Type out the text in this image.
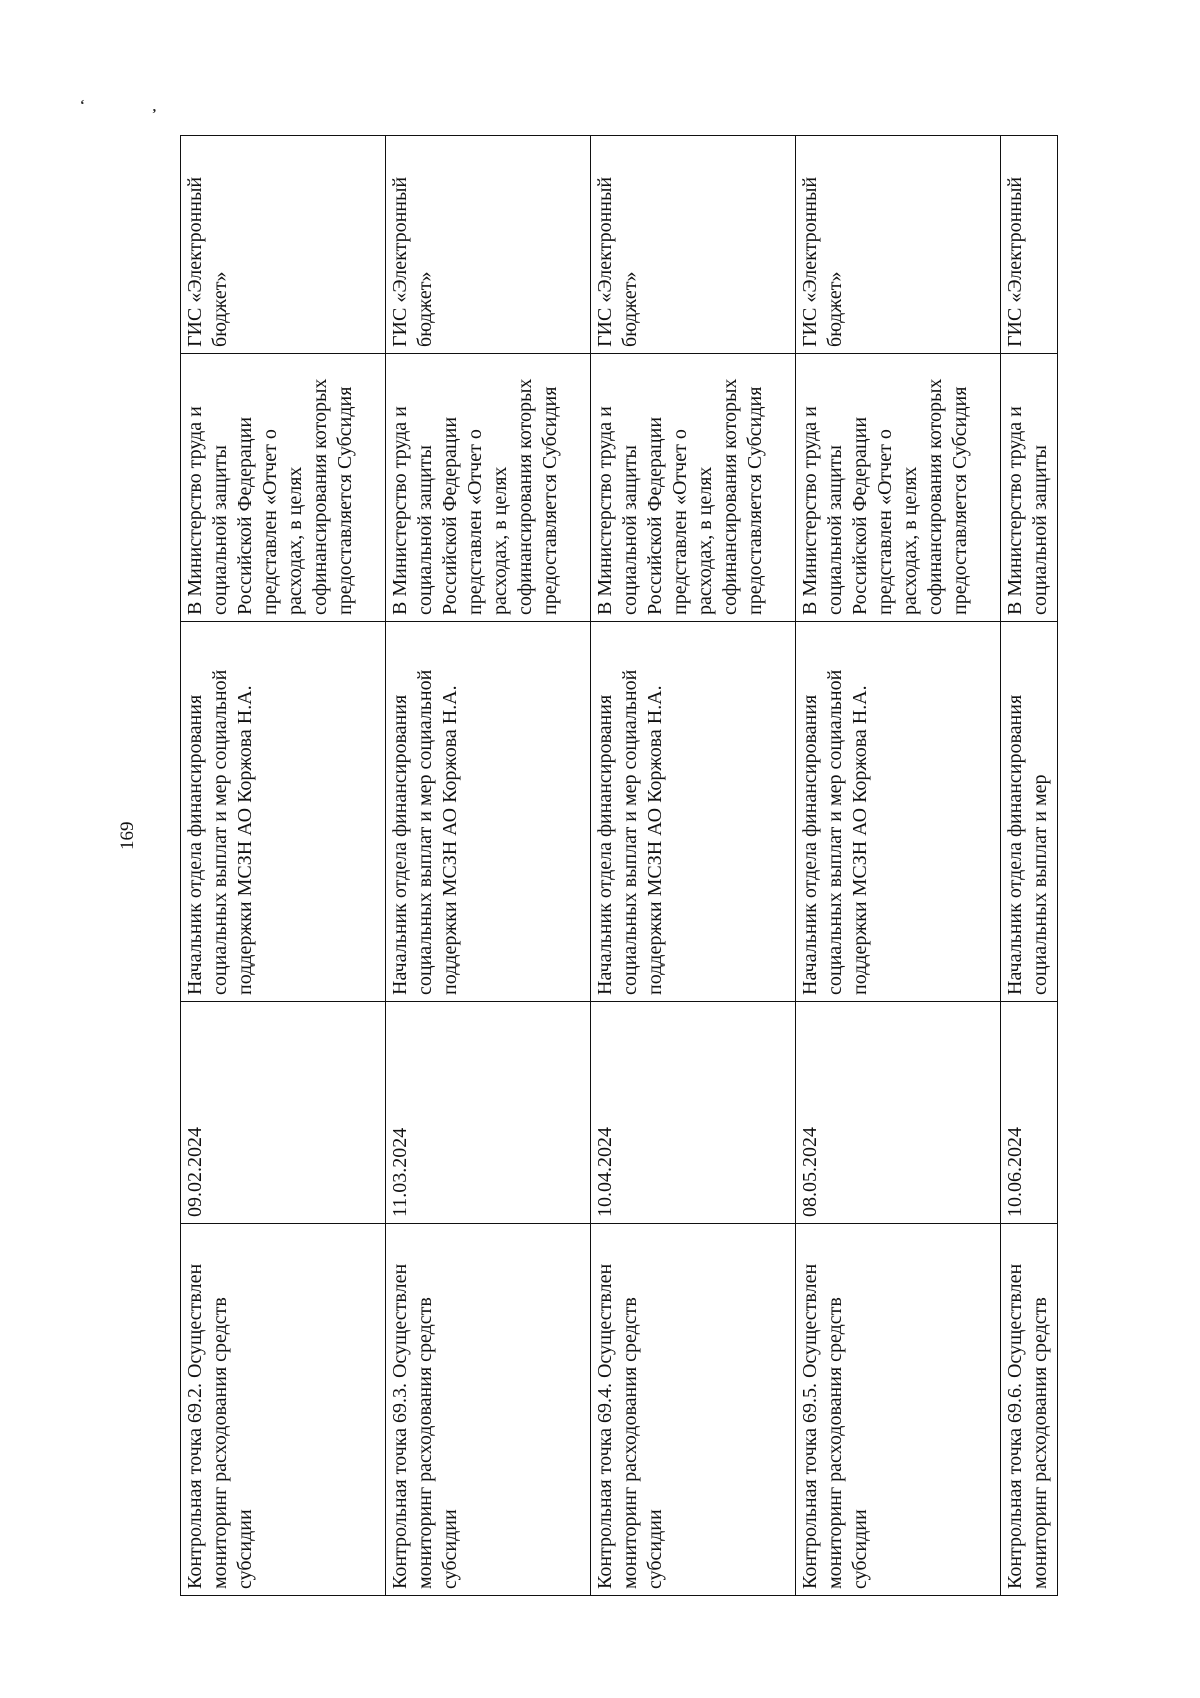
‘	‚
169
Контрольная точка 69.2. Осуществлен мониторинг расходования средств субсидии	09.02.2024	Начальник отдела финансирования социальных выплат и мер социальной поддержки МСЗН АО Коржова Н.А.	В Министерство труда и социальной защиты Российской Федерации представлен «Отчет о расходах, в целях софинансирования которых предоставляется Субсидия	ГИС «Электронный бюджет»
Контрольная точка 69.3. Осуществлен мониторинг расходования средств субсидии	11.03.2024	Начальник отдела финансирования социальных выплат и мер социальной поддержки МСЗН АО Коржова Н.А.	В Министерство труда и социальной защиты Российской Федерации представлен «Отчет о расходах, в целях софинансирования которых предоставляется Субсидия	ГИС «Электронный бюджет»
Контрольная точка 69.4. Осуществлен мониторинг расходования средств субсидии	10.04.2024	Начальник отдела финансирования социальных выплат и мер социальной поддержки МСЗН АО Коржова Н.А.	В Министерство труда и социальной защиты Российской Федерации представлен «Отчет о расходах, в целях софинансирования которых предоставляется Субсидия	ГИС «Электронный бюджет»
Контрольная точка 69.5. Осуществлен мониторинг расходования средств субсидии	08.05.2024	Начальник отдела финансирования социальных выплат и мер социальной поддержки МСЗН АО Коржова Н.А.	В Министерство труда и социальной защиты Российской Федерации представлен «Отчет о расходах, в целях софинансирования которых предоставляется Субсидия	ГИС «Электронный бюджет»
Контрольная точка 69.6. Осуществлен мониторинг расходования средств	10.06.2024	Начальник отдела финансирования социальных выплат и мер	В Министерство труда и социальной защиты	ГИС «Электронный
